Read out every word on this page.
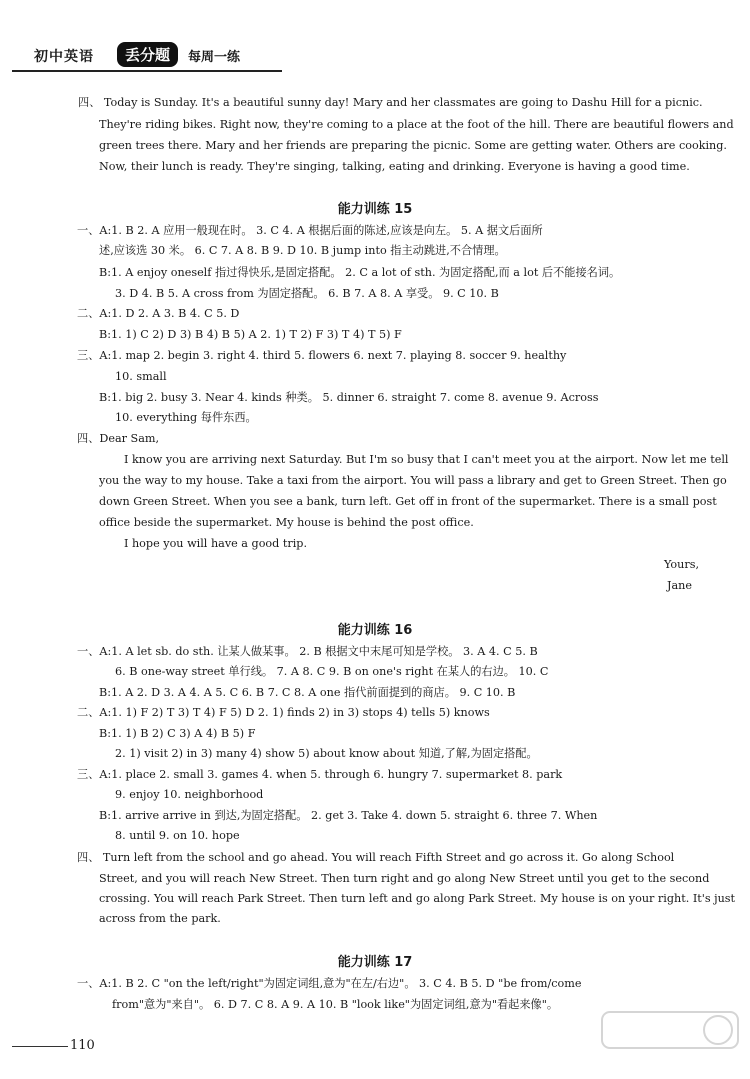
初中英语	丢分题	每周一练
四、 Today is Sunday. It's a beautiful sunny day! Mary and her classmates are going to Dashu Hill for a picnic.
They're riding bikes. Right now, they're coming to a place at the foot of the hill. There are beautiful flowers and
green trees there. Mary and her friends are preparing the picnic. Some are getting water. Others are cooking.
Now, their lunch is ready. They're singing, talking, eating and drinking. Everyone is having a good time.
能力训练 15
一、A:1. B 2. A 应用一般现在时。 3. C 4. A 根据后面的陈述,应该是向左。 5. A 据文后面所
述,应该选 30 米。 6. C 7. A 8. B 9. D 10. B jump into 指主动跳进,不合情理。
B:1. A enjoy oneself 指过得快乐,是固定搭配。 2. C a lot of sth. 为固定搭配,而 a lot 后不能接名词。
3. D 4. B 5. A cross from 为固定搭配。 6. B 7. A 8. A 享受。 9. C 10. B
二、A:1. D 2. A 3. B 4. C 5. D
B:1. 1) C 2) D 3) B 4) B 5) A 2. 1) T 2) F 3) T 4) T 5) F
三、A:1. map 2. begin 3. right 4. third 5. flowers 6. next 7. playing 8. soccer 9. healthy
10. small
B:1. big 2. busy 3. Near 4. kinds 种类。 5. dinner 6. straight 7. come 8. avenue 9. Across
10. everything 每件东西。
四、Dear Sam,
I know you are arriving next Saturday. But I'm so busy that I can't meet you at the airport. Now let me tell
you the way to my house. Take a taxi from the airport. You will pass a library and get to Green Street. Then go
down Green Street. When you see a bank, turn left. Get off in front of the supermarket. There is a small post
office beside the supermarket. My house is behind the post office.
I hope you will have a good trip.
Yours,
Jane
能力训练 16
一、A:1. A let sb. do sth. 让某人做某事。 2. B 根据文中末尾可知是学校。 3. A 4. C 5. B
6. B one-way street 单行线。 7. A 8. C 9. B on one's right 在某人的右边。 10. C
B:1. A 2. D 3. A 4. A 5. C 6. B 7. C 8. A one 指代前面提到的商店。 9. C 10. B
二、A:1. 1) F 2) T 3) T 4) F 5) D 2. 1) finds 2) in 3) stops 4) tells 5) knows
B:1. 1) B 2) C 3) A 4) B 5) F
2. 1) visit 2) in 3) many 4) show 5) about know about 知道,了解,为固定搭配。
三、A:1. place 2. small 3. games 4. when 5. through 6. hungry 7. supermarket 8. park
9. enjoy 10. neighborhood
B:1. arrive arrive in 到达,为固定搭配。 2. get 3. Take 4. down 5. straight 6. three 7. When
8. until 9. on 10. hope
四、 Turn left from the school and go ahead. You will reach Fifth Street and go across it. Go along School
Street, and you will reach New Street. Then turn right and go along New Street until you get to the second
crossing. You will reach Park Street. Then turn left and go along Park Street. My house is on your right. It's just
across from the park.
能力训练 17
一、A:1. B 2. C "on the left/right"为固定词组,意为"在左/右边"。 3. C 4. B 5. D "be from/come
from"意为"来自"。 6. D 7. C 8. A 9. A 10. B "look like"为固定词组,意为"看起来像"。
110
